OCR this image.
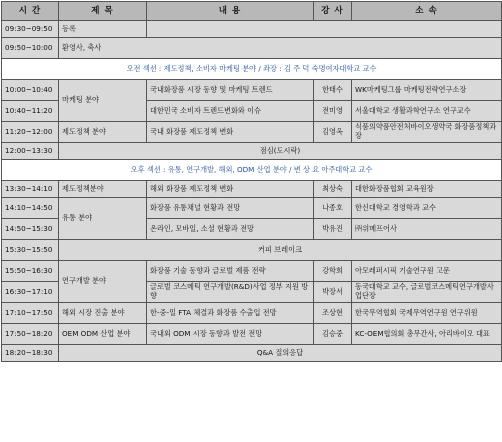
시 간	제 목	내 용	강 사	소 속
09:30~09:50	등록			
09:50~10:00	환영사, 축사			
오전 섹션 : 제도정책, 소비자 마케팅 분야 / 좌장 : 김 주 덕 숙명여자대학교 교수				
10:00~10:40	마케팅 분야	국내화장품 시장 동향 및 마케팅 트렌드	한태수	WK마케팅그룹 마케팅전략연구소장
10:40~11:20		대한민국 소비자 트렌드변화와 이슈	전미영	서울대학교 생활과학연구소 연구교수
11:20~12:00	제도정책 분야	국내 화장품 제도정책 변화	김영옥	식품의약품안전처바이오생약국 화장품정책과장
12:00~13:30	점심(도시락)			
오후 섹션 : 유통, 연구개발, 해외, ODM 산업 분야 / 변 상 요 아주대학교 교수				
13:30~14:10	제도정책분야	해외 화장품 제도정책 변화	최상숙	대한화장품협회 교육원장
14:10~14:50	유통 분야	화장품 유통채널 현황과 전망	나종호	한신대학교 경영학과 교수
14:50~15:30		온라인, 모바일, 소셜 현황과 전망	박유진	㈜위메프어사
15:30~15:50	커피 브레이크			
15:50~16:30	연구개발 분야	화장품 기술 동향과 글로벌 제품 전략	강학희	아모레퍼시픽 기술연구원 고문
16:30~17:10		글로벌 코스메틱 연구개발(R&D)사업 정부 지원 방향	박장서	동국대학교 교수, 글로벌코스메틱연구개발사업단장
17:10~17:50	해외 시장 진출 분야	한-중-일 FTA 체결과 화장품 수출입 전망	조상현	한국무역협회 국제무역연구원 연구위원
17:50~18:20	OEM ODM 산업 분야	국내외 ODM 시장 동향과 발전 전망	김승중	KC-OEM협의회 총무간사, 아리바이오 대표
18:20~18:30	Q&A 질의응답			
